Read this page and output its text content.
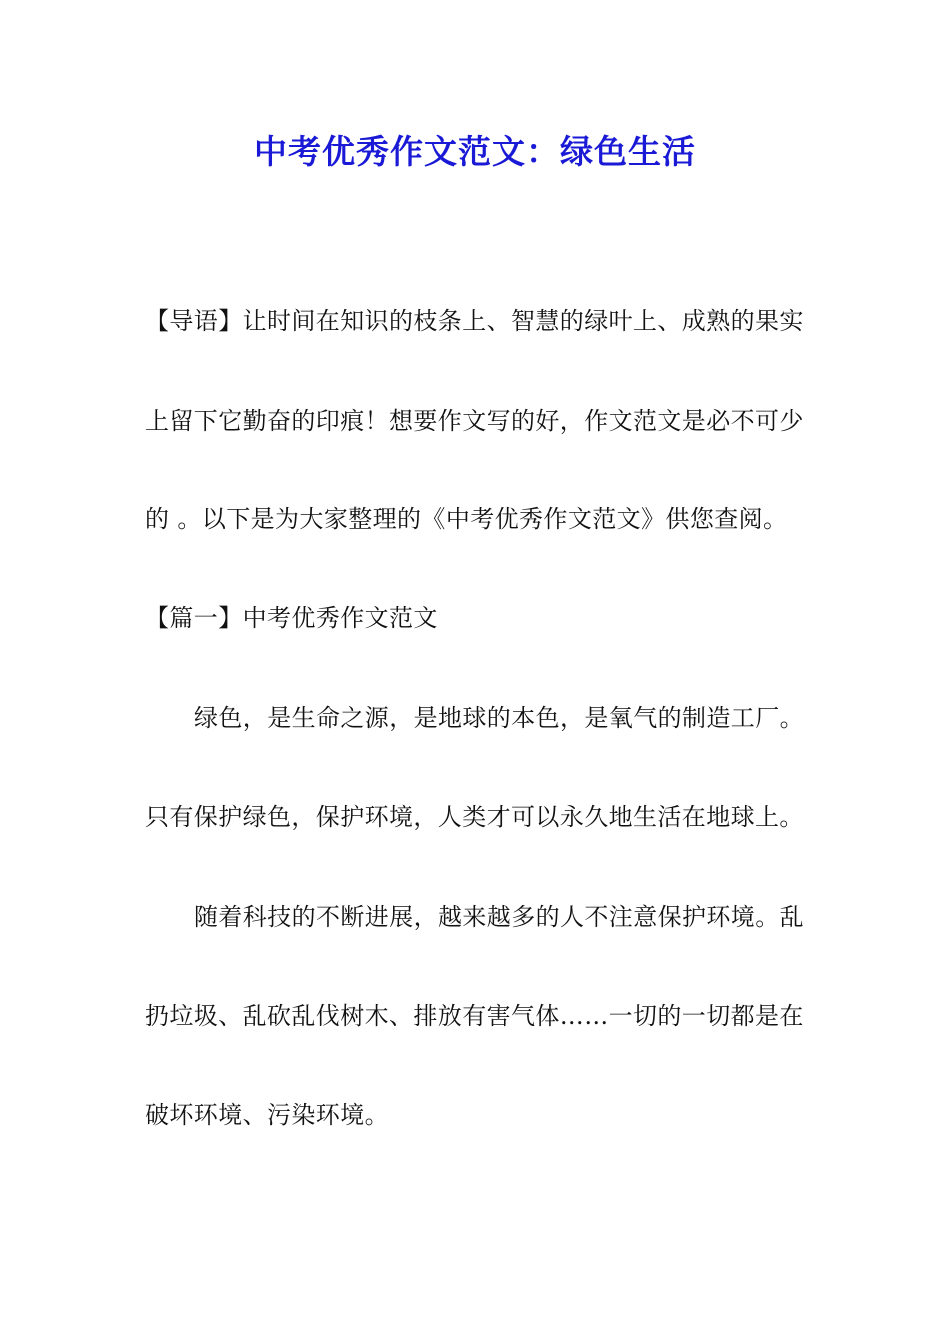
中考优秀作文范文：绿色生活
【导语】让时间在知识的枝条上、智慧的绿叶上、成熟的果实
上留下它勤奋的印痕！想要作文写的好，作文范文是必不可少
的 。以下是为大家整理的《中考优秀作文范文》供您查阅。
【篇一】中考优秀作文范文
绿色，是生命之源，是地球的本色，是氧气的制造工厂。
只有保护绿色，保护环境，人类才可以永久地生活在地球上。
随着科技的不断进展，越来越多的人不注意保护环境。乱
扔垃圾、乱砍乱伐树木、排放有害气体……一切的一切都是在
破坏环境、污染环境。
